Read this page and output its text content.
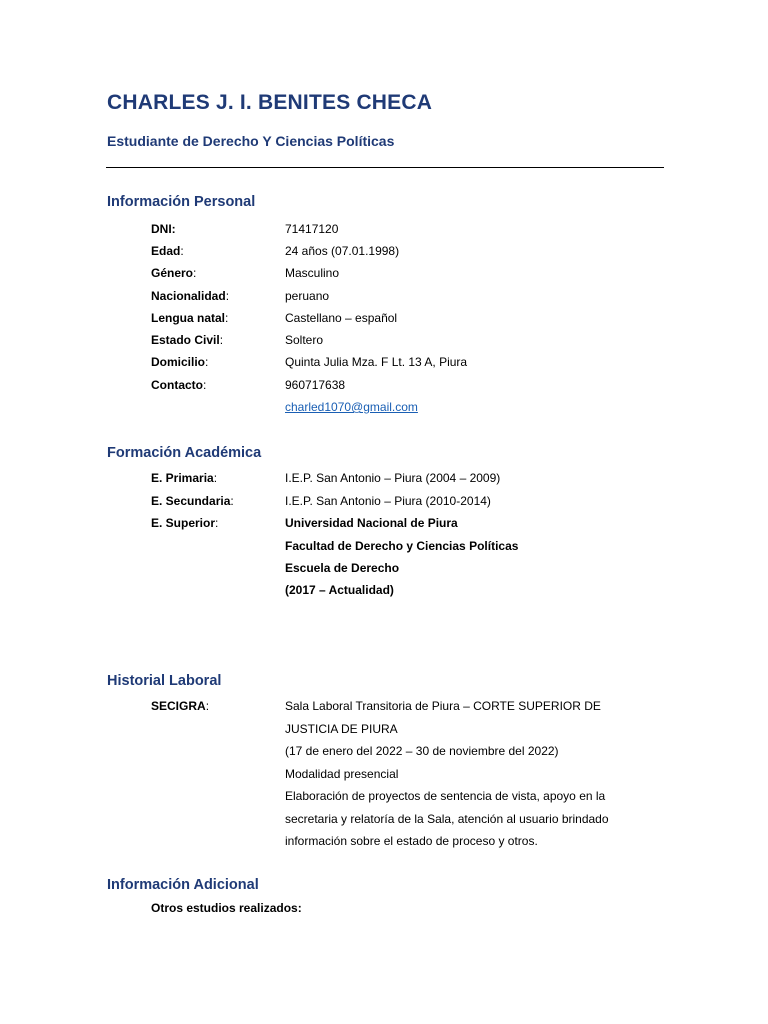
CHARLES J. I. BENITES CHECA
Estudiante de Derecho Y Ciencias Políticas
Información Personal
DNI:	71417120
Edad:	24 años (07.01.1998)
Género:	Masculino
Nacionalidad:	peruano
Lengua natal:	Castellano – español
Estado Civil:	Soltero
Domicilio:	Quinta Julia Mza. F Lt. 13 A, Piura
Contacto:	960717638
charled1070@gmail.com
Formación Académica
E. Primaria:	I.E.P. San Antonio – Piura (2004 – 2009)
E. Secundaria:	I.E.P. San Antonio – Piura (2010-2014)
E. Superior:	Universidad Nacional de Piura
Facultad de Derecho y Ciencias Políticas
Escuela de Derecho
(2017 – Actualidad)
Historial Laboral
SECIGRA:	Sala Laboral Transitoria de Piura – CORTE SUPERIOR DE
JUSTICIA DE PIURA
(17 de enero del 2022 – 30 de noviembre del 2022)
Modalidad presencial
Elaboración de proyectos de sentencia de vista, apoyo en la
secretaria y relatoría de la Sala, atención al usuario brindado
información sobre el estado de proceso y otros.
Información Adicional
Otros estudios realizados:
